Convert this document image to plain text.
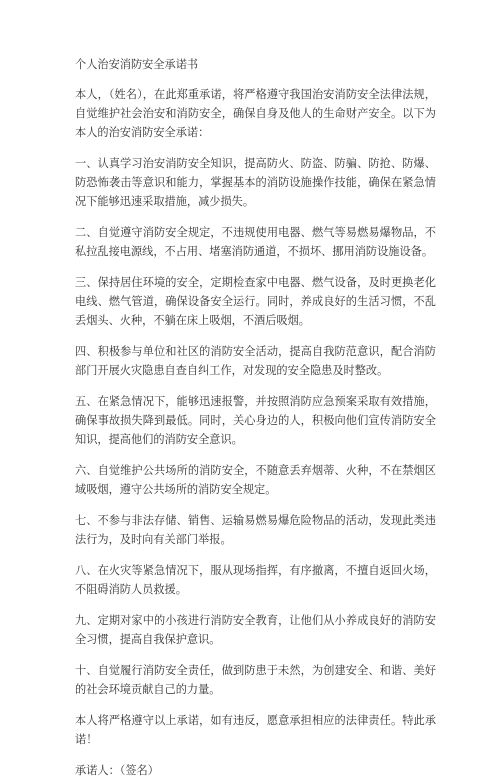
个人治安消防安全承诺书

本人，（姓名），在此郑重承诺，将严格遵守我国治安消防安全法律法规，自觉维护社会治安和消防安全，确保自身及他人的生命财产安全。以下为本人的治安消防安全承诺：

一、认真学习治安消防安全知识，提高防火、防盗、防骗、防抢、防爆、防恐怖袭击等意识和能力，掌握基本的消防设施操作技能，确保在紧急情况下能够迅速采取措施，减少损失。

二、自觉遵守消防安全规定，不违规使用电器、燃气等易燃易爆物品，不私拉乱接电源线，不占用、堵塞消防通道，不损坏、挪用消防设施设备。

三、保持居住环境的安全，定期检查家中电器、燃气设备，及时更换老化电线、燃气管道，确保设备安全运行。同时，养成良好的生活习惯，不乱丢烟头、火种，不躺在床上吸烟，不酒后吸烟。

四、积极参与单位和社区的消防安全活动，提高自我防范意识，配合消防部门开展火灾隐患自查自纠工作，对发现的安全隐患及时整改。

五、在紧急情况下，能够迅速报警，并按照消防应急预案采取有效措施，确保事故损失降到最低。同时，关心身边的人，积极向他们宣传消防安全知识，提高他们的消防安全意识。

六、自觉维护公共场所的消防安全，不随意丢弃烟蒂、火种，不在禁烟区域吸烟，遵守公共场所的消防安全规定。

七、不参与非法存储、销售、运输易燃易爆危险物品的活动，发现此类违法行为，及时向有关部门举报。

八、在火灾等紧急情况下，服从现场指挥，有序撤离，不擅自返回火场，不阻碍消防人员救援。

九、定期对家中的小孩进行消防安全教育，让他们从小养成良好的消防安全习惯，提高自我保护意识。

十、自觉履行消防安全责任，做到防患于未然，为创建安全、和谐、美好的社会环境贡献自己的力量。

本人将严格遵守以上承诺，如有违反，愿意承担相应的法律责任。特此承诺！

承诺人：（签名）
